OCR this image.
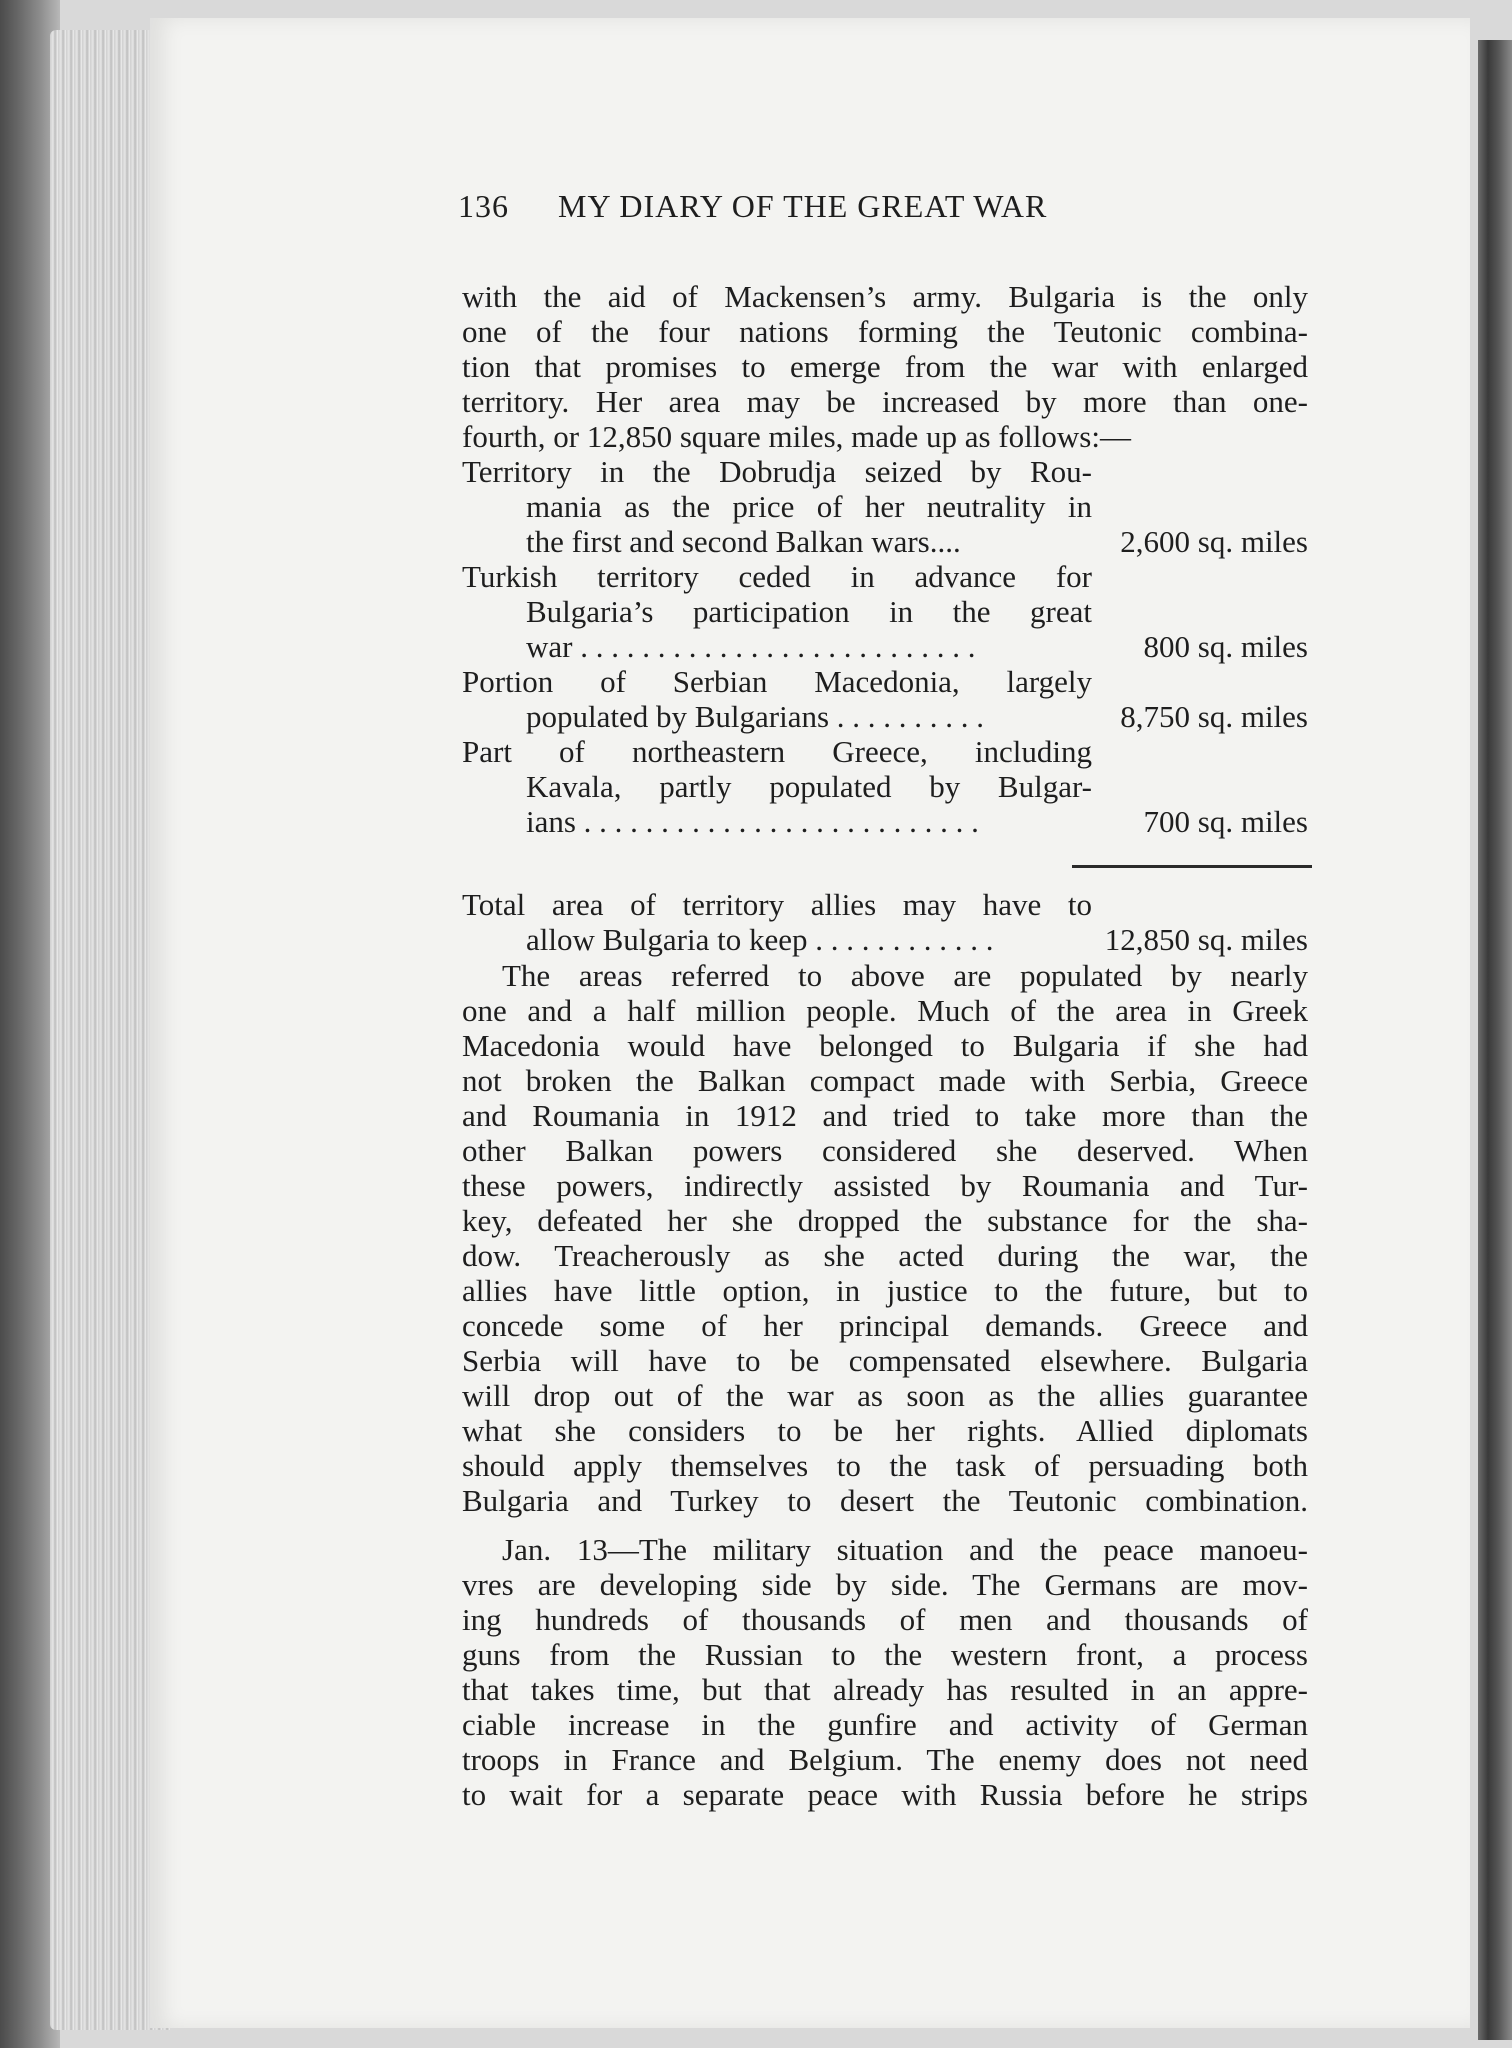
136 MY DIARY OF THE GREAT WAR
with the aid of Mackensen’s army. Bulgaria is the only
one of the four nations forming the Teutonic combina-
tion that promises to emerge from the war with enlarged
territory. Her area may be increased by more than one-
fourth, or 12,850 square miles, made up as follows:—
Territory in the Dobrudja seized by Rou-
mania as the price of her neutrality in
the first and second Balkan wars....	2,600 sq. miles
Turkish territory ceded in advance for
Bulgaria’s participation in the great
war . . . . . . . . . . . . . . . . . . . . . . . . . .	800 sq. miles
Portion of Serbian Macedonia, largely
populated by Bulgarians . . . . . . . . . .	8,750 sq. miles
Part of northeastern Greece, including
Kavala, partly populated by Bulgar-
ians . . . . . . . . . . . . . . . . . . . . . . . . . .	700 sq. miles
Total area of territory allies may have to
allow Bulgaria to keep . . . . . . . . . . . .	12,850 sq. miles
The areas referred to above are populated by nearly
one and a half million people. Much of the area in Greek
Macedonia would have belonged to Bulgaria if she had
not broken the Balkan compact made with Serbia, Greece
and Roumania in 1912 and tried to take more than the
other Balkan powers considered she deserved. When
these powers, indirectly assisted by Roumania and Tur-
key, defeated her she dropped the substance for the sha-
dow. Treacherously as she acted during the war, the
allies have little option, in justice to the future, but to
concede some of her principal demands. Greece and
Serbia will have to be compensated elsewhere. Bulgaria
will drop out of the war as soon as the allies guarantee
what she considers to be her rights. Allied diplomats
should apply themselves to the task of persuading both
Bulgaria and Turkey to desert the Teutonic combination.
Jan. 13—The military situation and the peace manoeu-
vres are developing side by side. The Germans are mov-
ing hundreds of thousands of men and thousands of
guns from the Russian to the western front, a process
that takes time, but that already has resulted in an appre-
ciable increase in the gunfire and activity of German
troops in France and Belgium. The enemy does not need
to wait for a separate peace with Russia before he strips
